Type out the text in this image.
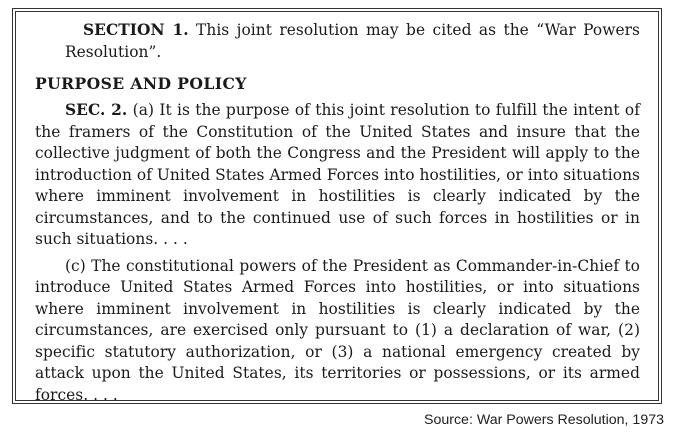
SECTION 1. This joint resolution may be cited as the “War Powers Resolution”.

PURPOSE AND POLICY

SEC. 2. (a) It is the purpose of this joint resolution to fulfill the intent of the framers of the Constitution of the United States and insure that the collective judgment of both the Congress and the President will apply to the introduction of United States Armed Forces into hostilities, or into situations where imminent involvement in hostilities is clearly indicated by the circumstances, and to the continued use of such forces in hostilities or in such situations. . . .

(c) The constitutional powers of the President as Commander-in-Chief to introduce United States Armed Forces into hostilities, or into situations where imminent involvement in hostilities is clearly indicated by the circumstances, are exercised only pursuant to (1) a declaration of war, (2) specific statutory authorization, or (3) a national emergency created by attack upon the United States, its territories or possessions, or its armed forces. . . .

Source: War Powers Resolution, 1973
